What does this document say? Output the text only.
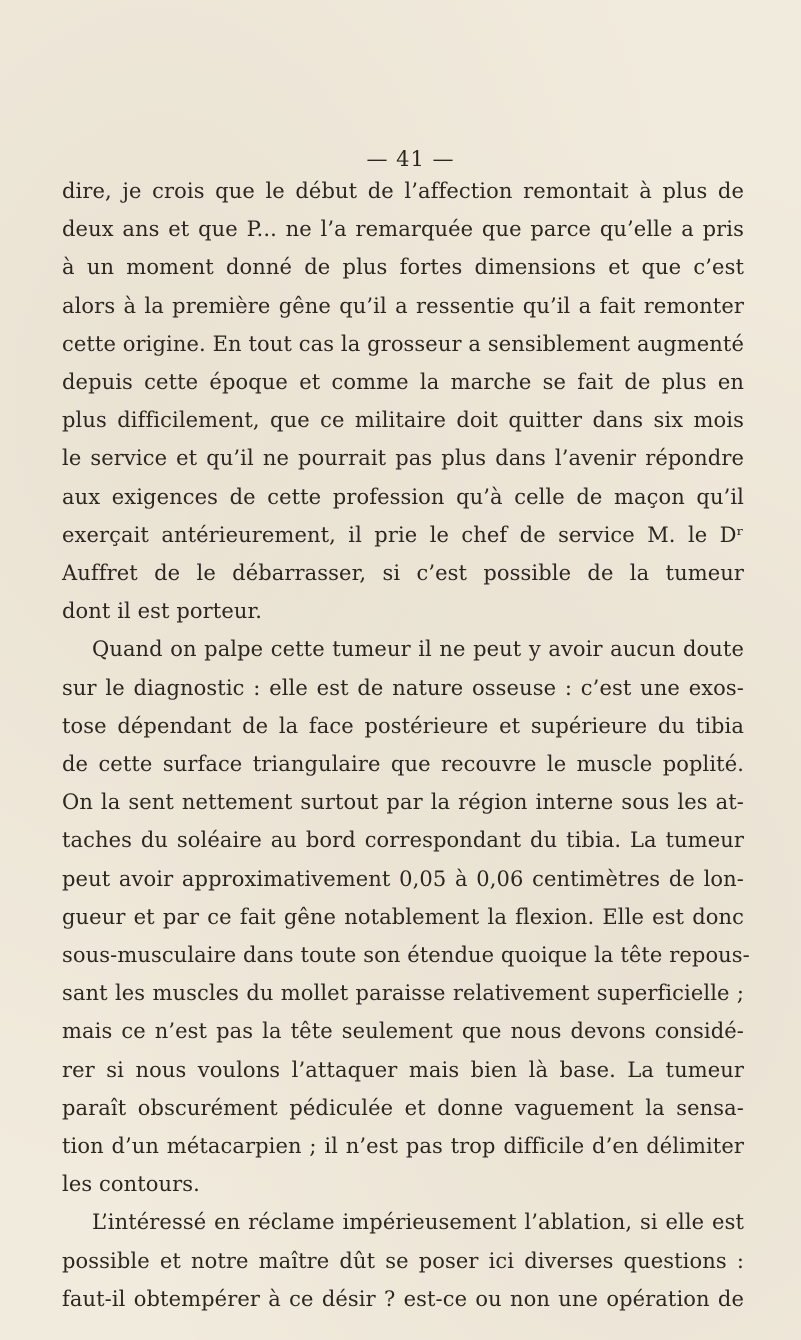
— 41 —

dire, je crois que le début de l’affection remontait à plus de
deux ans et que P... ne l’a remarquée que parce qu’elle a pris
à un moment donné de plus fortes dimensions et que c’est
alors à la première gêne qu’il a ressentie qu’il a fait remonter
cette origine. En tout cas la grosseur a sensiblement augmenté
depuis cette époque et comme la marche se fait de plus en
plus difficilement, que ce militaire doit quitter dans six mois
le service et qu’il ne pourrait pas plus dans l’avenir répondre
aux exigences de cette profession qu’à celle de maçon qu’il
exerçait antérieurement, il prie le chef de service M. le Dʳ
Auffret de le débarrasser, si c’est possible de la tumeur
dont il est porteur.

Quand on palpe cette tumeur il ne peut y avoir aucun doute
sur le diagnostic : elle est de nature osseuse : c’est une exos-
tose dépendant de la face postérieure et supérieure du tibia
de cette surface triangulaire que recouvre le muscle poplité.
On la sent nettement surtout par la région interne sous les at-
taches du soléaire au bord correspondant du tibia. La tumeur
peut avoir approximativement 0,05 à 0,06 centimètres de lon-
gueur et par ce fait gêne notablement la flexion. Elle est donc
sous-musculaire dans toute son étendue quoique la tête repous-
sant les muscles du mollet paraisse relativement superficielle ;
mais ce n’est pas la tête seulement que nous devons considé-
rer si nous voulons l’attaquer mais bien là base. La tumeur
paraît obscurément pédiculée et donne vaguement la sensa-
tion d’un métacarpien ; il n’est pas trop difficile d’en délimiter
les contours.

L’intéressé en réclame impérieusement l’ablation, si elle est
possible et notre maître dût se poser ici diverses questions :
faut-il obtempérer à ce désir ? est-ce ou non une opération de
